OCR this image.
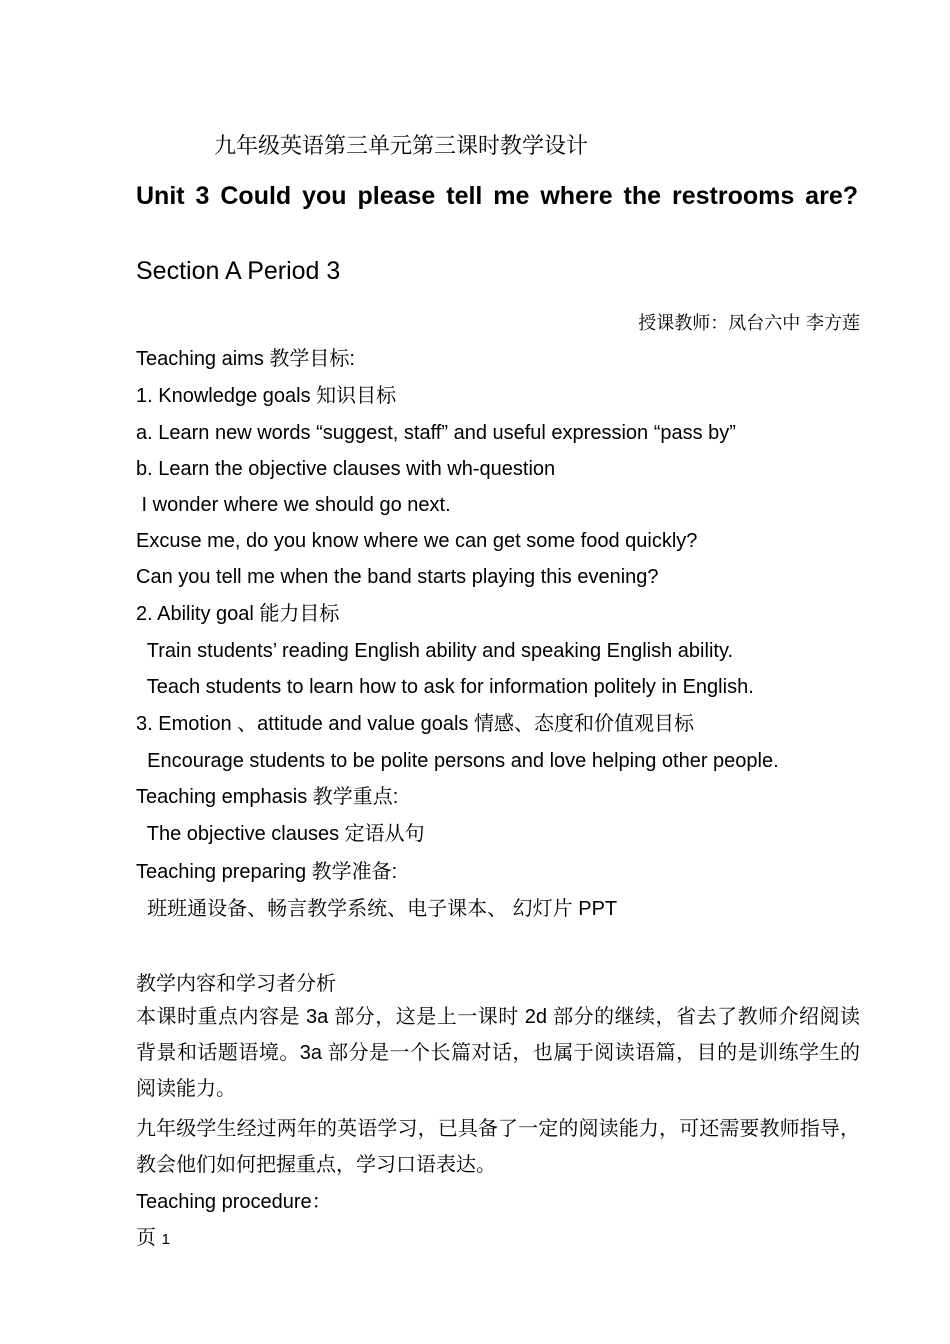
九年级英语第三单元第三课时教学设计
Unit 3 Could you please tell me where the restrooms are?
Section A Period 3
授课教师：凤台六中 李方莲
Teaching aims 教学目标:
1. Knowledge goals 知识目标
a. Learn new words “suggest, staff” and useful expression “pass by”
b. Learn the objective clauses with wh-question
I wonder where we should go next.
Excuse me, do you know where we can get some food quickly?
Can you tell me when the band starts playing this evening?
2. Ability goal 能力目标
Train students’ reading English ability and speaking English ability.
Teach students to learn how to ask for information politely in English.
3. Emotion 、attitude and value goals 情感、态度和价值观目标
Encourage students to be polite persons and love helping other people.
Teaching emphasis 教学重点:
The objective clauses 定语从句
Teaching preparing 教学准备:
班班通设备、畅言教学系统、电子课本、 幻灯片 PPT
教学内容和学习者分析
本课时重点内容是 3a 部分，这是上一课时 2d 部分的继续，省去了教师介绍阅读背景和话题语境。3a 部分是一个长篇对话，也属于阅读语篇，目的是训练学生的阅读能力。
九年级学生经过两年的英语学习，已具备了一定的阅读能力，可还需要教师指导，教会他们如何把握重点，学习口语表达。
Teaching procedure：
页 1
